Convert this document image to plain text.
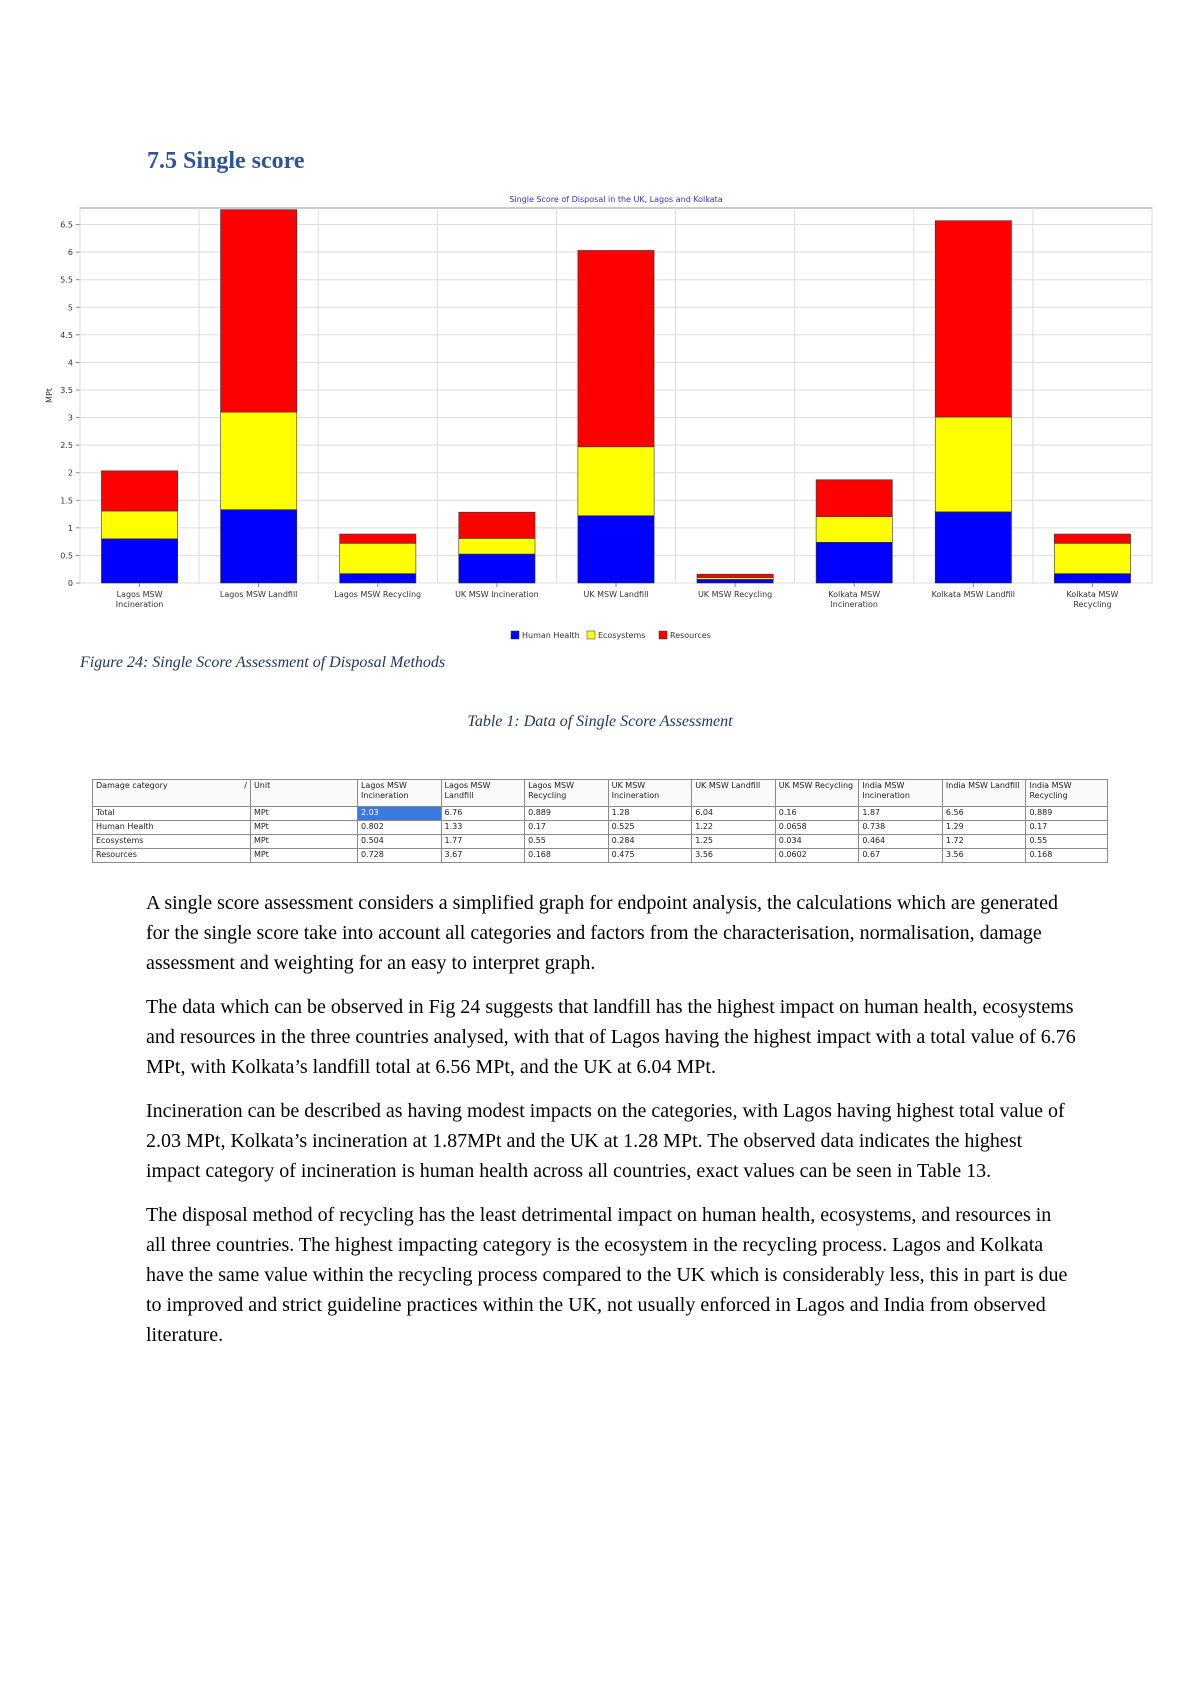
7.5 Single score
0
0.5
1
1.5
2
2.5
3
3.5
4
4.5
5
5.5
6
6.5
Lagos MSW
Incineration
Lagos MSW Landfill	Lagos MSW Recycling	UK MSW Incineration	UK MSW Landfill	UK MSW Recycling	Kolkata MSW
Incineration
Kolkata MSW Landfill	Kolkata MSW
Recycling
Single Score of Disposal in the UK, Lagos and Kolkata
MPt
Human Health Ecosystems	Resources
Figure 24: Single Score Assessment of Disposal Methods
Table 1: Data of Single Score Assessment
Damage category /	Unit	Lagos MSW Incineration	Lagos MSW Landfill	Lagos MSW Recycling	UK MSW Incineration	UK MSW Landfill	UK MSW Recycling	India MSW Incineration	India MSW Landfill	India MSW Recycling
Total	MPt	2.03	6.76	0.889	1.28	6.04	0.16	1.87	6.56	0.889
Human Health	MPt	0.802	1.33	0.17	0.525	1.22	0.0658	0.738	1.29	0.17
Ecosystems	MPt	0.504	1.77	0.55	0.284	1.25	0.034	0.464	1.72	0.55
Resources	MPt	0.728	3.67	0.168	0.475	3.56	0.0602	0.67	3.56	0.168

A single score assessment considers a simplified graph for endpoint analysis, the calculations which are generated for the single score take into account all categories and factors from the characterisation, normalisation, damage assessment and weighting for an easy to interpret graph.

The data which can be observed in Fig 24 suggests that landfill has the highest impact on human health, ecosystems and resources in the three countries analysed, with that of Lagos having the highest impact with a total value of 6.76 MPt, with Kolkata’s landfill total at 6.56 MPt, and the UK at 6.04 MPt.

Incineration can be described as having modest impacts on the categories, with Lagos having highest total value of 2.03 MPt, Kolkata’s incineration at 1.87MPt and the UK at 1.28 MPt. The observed data indicates the highest impact category of incineration is human health across all countries, exact values can be seen in Table 13.

The disposal method of recycling has the least detrimental impact on human health, ecosystems, and resources in all three countries. The highest impacting category is the ecosystem in the recycling process. Lagos and Kolkata have the same value within the recycling process compared to the UK which is considerably less, this in part is due to improved and strict guideline practices within the UK, not usually enforced in Lagos and India from observed literature.
